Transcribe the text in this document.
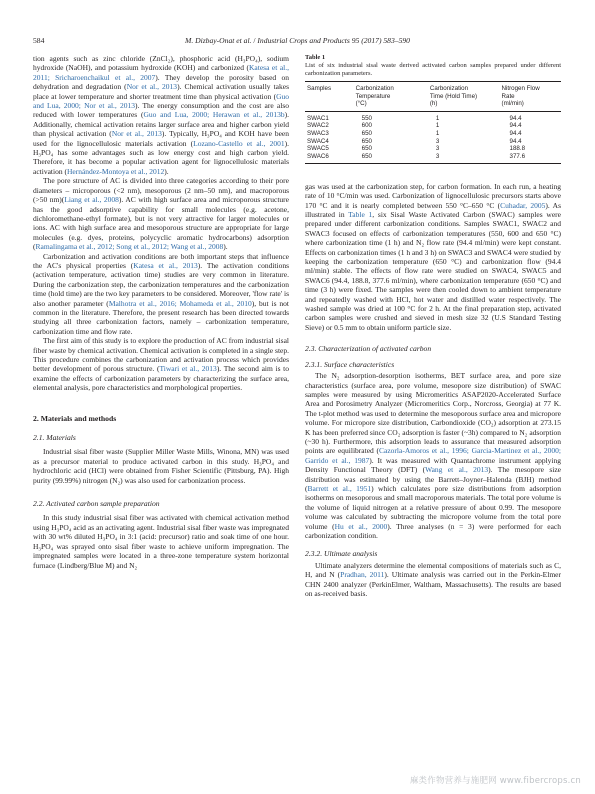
584	M. Dizbay-Onat et al. / Industrial Crops and Products 95 (2017) 583–590

tion agents such as zinc chloride (ZnCl₂), phosphoric acid (H₃PO₄), sodium hydroxide (NaOH), and potassium hydroxide (KOH) and carbonized (Katesa et al., 2011; Sricharoenchaikul et al., 2007). They develop the porosity based on dehydration and degradation (Nor et al., 2013). Chemical activation usually takes place at lower temperature and shorter treatment time than physical activation (Guo and Lua, 2000; Nor et al., 2013). The energy consumption and the cost are also reduced with lower temperatures (Guo and Lua, 2000; Herawan et al., 2013b). Additionally, chemical activation retains larger surface area and higher carbon yield than physical activation (Nor et al., 2013). Typically, H₃PO₄ and KOH have been used for the lignocellulosic materials activation (Lozano-Castello et al., 2001). H₃PO₄ has some advantages such as low energy cost and high carbon yield. Therefore, it has become a popular activation agent for lignocellulosic materials activation (Hernández-Montoya et al., 2012).

The pore structure of AC is divided into three categories according to their pore diameters – microporous (<2 nm), mesoporous (2 nm–50 nm), and macroporous (>50 nm)(Liang et al., 2008). AC with high surface area and microporous structure has the good adsorptive capability for small molecules (e.g. acetone, dichloromethane-ethyl formate), but is not very attractive for larger molecules or ions. AC with high surface area and mesoporous structure are appropriate for large molecules (e.g. dyes, proteins, polycyclic aromatic hydrocarbons) adsorption (Ramalingama et al., 2012; Song et al., 2012; Wang et al., 2008).

Carbonization and activation conditions are both important steps that influence the AC's physical properties (Katesa et al., 2013). The activation conditions (activation temperature, activation time) studies are very common in literature. During the carbonization step, the carbonization temperatures and the carbonization time (hold time) are the two key parameters to be considered. Moreover, 'flow rate' is also another parameter (Malhotra et al., 2016; Mohamedа et al., 2010), but is not common in the literature. Therefore, the present research has been directed towards studying all three carbonization factors, namely – carbonization temperature, carbonization time and flow rate.

The first aim of this study is to explore the production of AC from industrial sisal fiber waste by chemical activation. Chemical activation is completed in a single step. This procedure combines the carbonization and activation process which provides better development of porous structure. (Tiwari et al., 2013). The second aim is to examine the effects of carbonization parameters by characterizing the surface area, elemental analysis, pore characteristics and morphological properties.

2. Materials and methods
2.1. Materials

Industrial sisal fiber waste (Supplier Miller Waste Mills, Winona, MN) was used as a precursor material to produce activated carbon in this study. H₃PO₄ and hydrochloric acid (HCl) were obtained from Fisher Scientific (Pittsburg, PA). High purity (99.99%) nitrogen (N₂) was also used for carbonization process.

2.2. Activated carbon sample preparation

In this study industrial sisal fiber was activated with chemical activation method using H₃PO₄ acid as an activating agent. Industrial sisal fiber waste was impregnated with 30 wt% diluted H₃PO₄ in 3:1 (acid: precursor) ratio and soak time of one hour. H₃PO₄ was sprayed onto sisal fiber waste to achieve uniform impregnation. The impregnated samples were located in a three-zone temperature system horizontal furnace (Lindberg/Blue M) and N₂

Table 1
List of six industrial sisal waste derived activated carbon samples prepared under different carbonization parameters.
Samples	Carbonization
Temperature
(°C)	Carbonization
Time (Hold Time)
(h)	Nitrogen Flow
Rate
(ml/min)
SWAC1	550	1	94.4
SWAC2	600	1	94.4
SWAC3	650	1	94.4
SWAC4	650	3	94.4
SWAC5	650	3	188.8
SWAC6	650	3	377.6

gas was used at the carbonization step, for carbon formation. In each run, a heating rate of 10 °C/min was used. Carbonization of lignocellulosic precursors starts above 170 °C and it is nearly completed between 550 °C–650 °C (Cuhadar, 2005). As illustrated in Table 1, six Sisal Waste Activated Carbon (SWAC) samples were prepared under different carbonization conditions. Samples SWAC1, SWAC2 and SWAC3 focused on effects of carbonization temperatures (550, 600 and 650 °C) where carbonization time (1 h) and N₂ flow rate (94.4 ml/min) were kept constant. Effects on carbonization times (1 h and 3 h) on SWAC3 and SWAC4 were studied by keeping the carbonization temperature (650 °C) and carbonization flow (94.4 ml/min) stable. The effects of flow rate were studied on SWAC4, SWAC5 and SWAC6 (94.4, 188.8, 377.6 ml/min), where carbonization temperature (650 °C) and time (3 h) were fixed. The samples were then cooled down to ambient temperature and repeatedly washed with HCl, hot water and distilled water respectively. The washed sample was dried at 100 °C for 2 h. At the final preparation step, activated carbon samples were crushed and sieved in mesh size 32 (U.S Standard Testing Sieve) or 0.5 mm to obtain uniform particle size.

2.3. Characterization of activated carbon
2.3.1. Surface characteristics

The N₂ adsorption-desorption isotherms, BET surface area, and pore size characteristics (surface area, pore volume, mesopore size distribution) of SWAC samples were measured by using Micromeritics ASAP2020-Accelerated Surface Area and Porosimetry Analyzer (Micromeritics Corp., Norcross, Georgia) at 77 K. The t-plot method was used to determine the mesoporous surface area and micropore volume. For micropore size distribution, Carbondioxide (CO₂) adsorption at 273.15 K has been preferred since CO₂ adsorption is faster (~3h) compared to N₂ adsorption (~30 h). Furthermore, this adsorption leads to assurance that measured adsorption points are equilibrated (Cazorla-Amoros et al., 1996; Garcia-Martinez et al., 2000; Garrido et al., 1987). It was measured with Quantachrome instrument applying Density Functional Theory (DFT) (Wang et al., 2013). The mesopore size distribution was estimated by using the Barrett–Joyner–Halenda (BJH) method (Barrett et al., 1951) which calculates pore size distributions from adsorption isotherms on mesoporous and small macroporous materials. The total pore volume is the volume of liquid nitrogen at a relative pressure of about 0.99. The mesopore volume was calculated by subtracting the micropore volume from the total pore volume (Hu et al., 2000). Three analyses (n = 3) were performed for each carbonization condition.

2.3.2. Ultimate analysis

Ultimate analyzers determine the elemental compositions of materials such as C, H, and N (Pradhan, 2011). Ultimate analysis was carried out in the Perkin-Elmer CHN 2400 analyzer (PerkinElmer, Waltham, Massachusetts). The results are based on as-received basis.

麻类作物营养与施肥网 www.fibercrops.cn
